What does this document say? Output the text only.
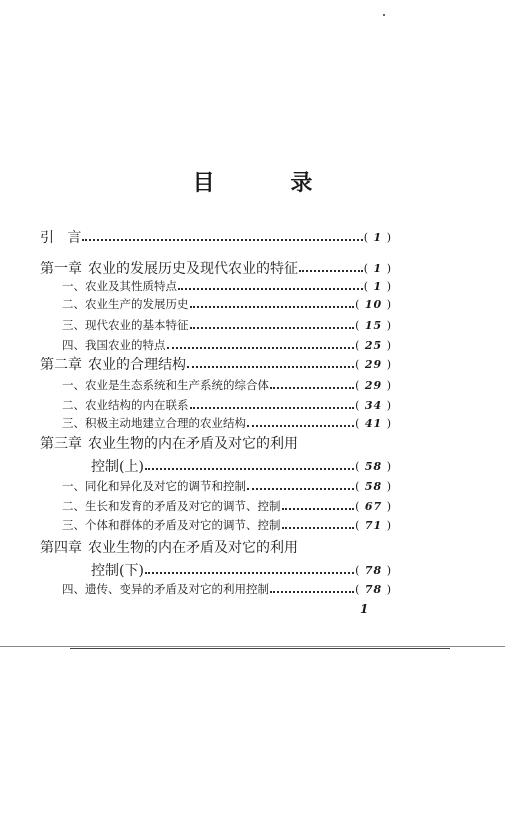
目 录
引   言	( 1 )
第一章 农业的发展历史及现代农业的特征	( 1 )
一、农业及其性质特点	( 1 )
二、农业生产的发展历史	( 10 )
三、现代农业的基本特征	( 15 )
四、我国农业的特点	( 25 )
第二章 农业的合理结构	( 29 )
一、农业是生态系统和生产系统的综合体	( 29 )
二、农业结构的内在联系	( 34 )
三、积极主动地建立合理的农业结构	( 41 )
第三章 农业生物的内在矛盾及对它的利用
控制(上)	( 58 )
一、同化和异化及对它的调节和控制	( 58 )
二、生长和发育的矛盾及对它的调节、控制	( 67 )
三、个体和群体的矛盾及对它的调节、控制	( 71 )
第四章 农业生物的内在矛盾及对它的利用
控制(下)	( 78 )
四、遗传、变异的矛盾及对它的利用控制	( 78 )
1
